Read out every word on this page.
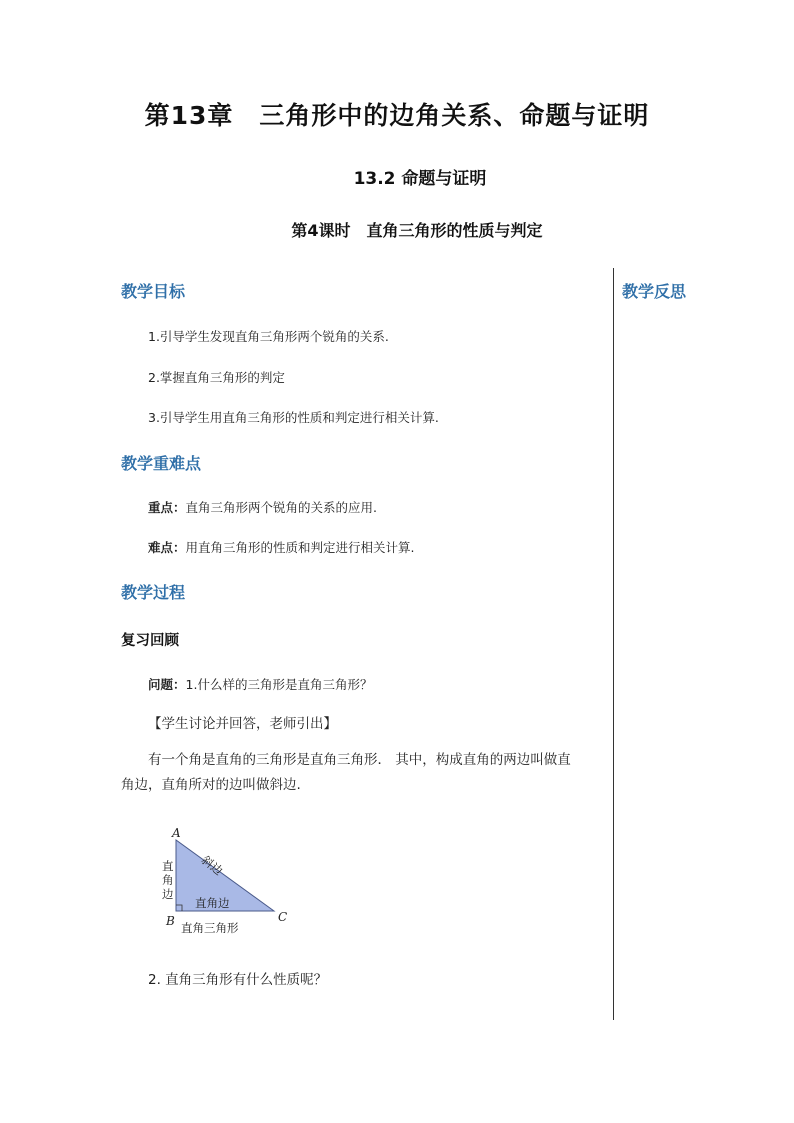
第13章　三角形中的边角关系、命题与证明
13.2 命题与证明
第4课时　直角三角形的性质与判定
教学反思
教学目标
1.引导学生发现直角三角形两个锐角的关系.
2.掌握直角三角形的判定
3.引导学生用直角三角形的性质和判定进行相关计算.
教学重难点
重点：直角三角形两个锐角的关系的应用.
难点：用直角三角形的性质和判定进行相关计算.
教学过程
复习回顾
问题：1.什么样的三角形是直角三角形？
【学生讨论并回答，老师引出】
有一个角是直角的三角形是直角三角形． 其中，构成直角的两边叫做直角边，直角所对的边叫做斜边.
A
B	C
直
角
边
斜边
直角边
直角三角形
2. 直角三角形有什么性质呢？
